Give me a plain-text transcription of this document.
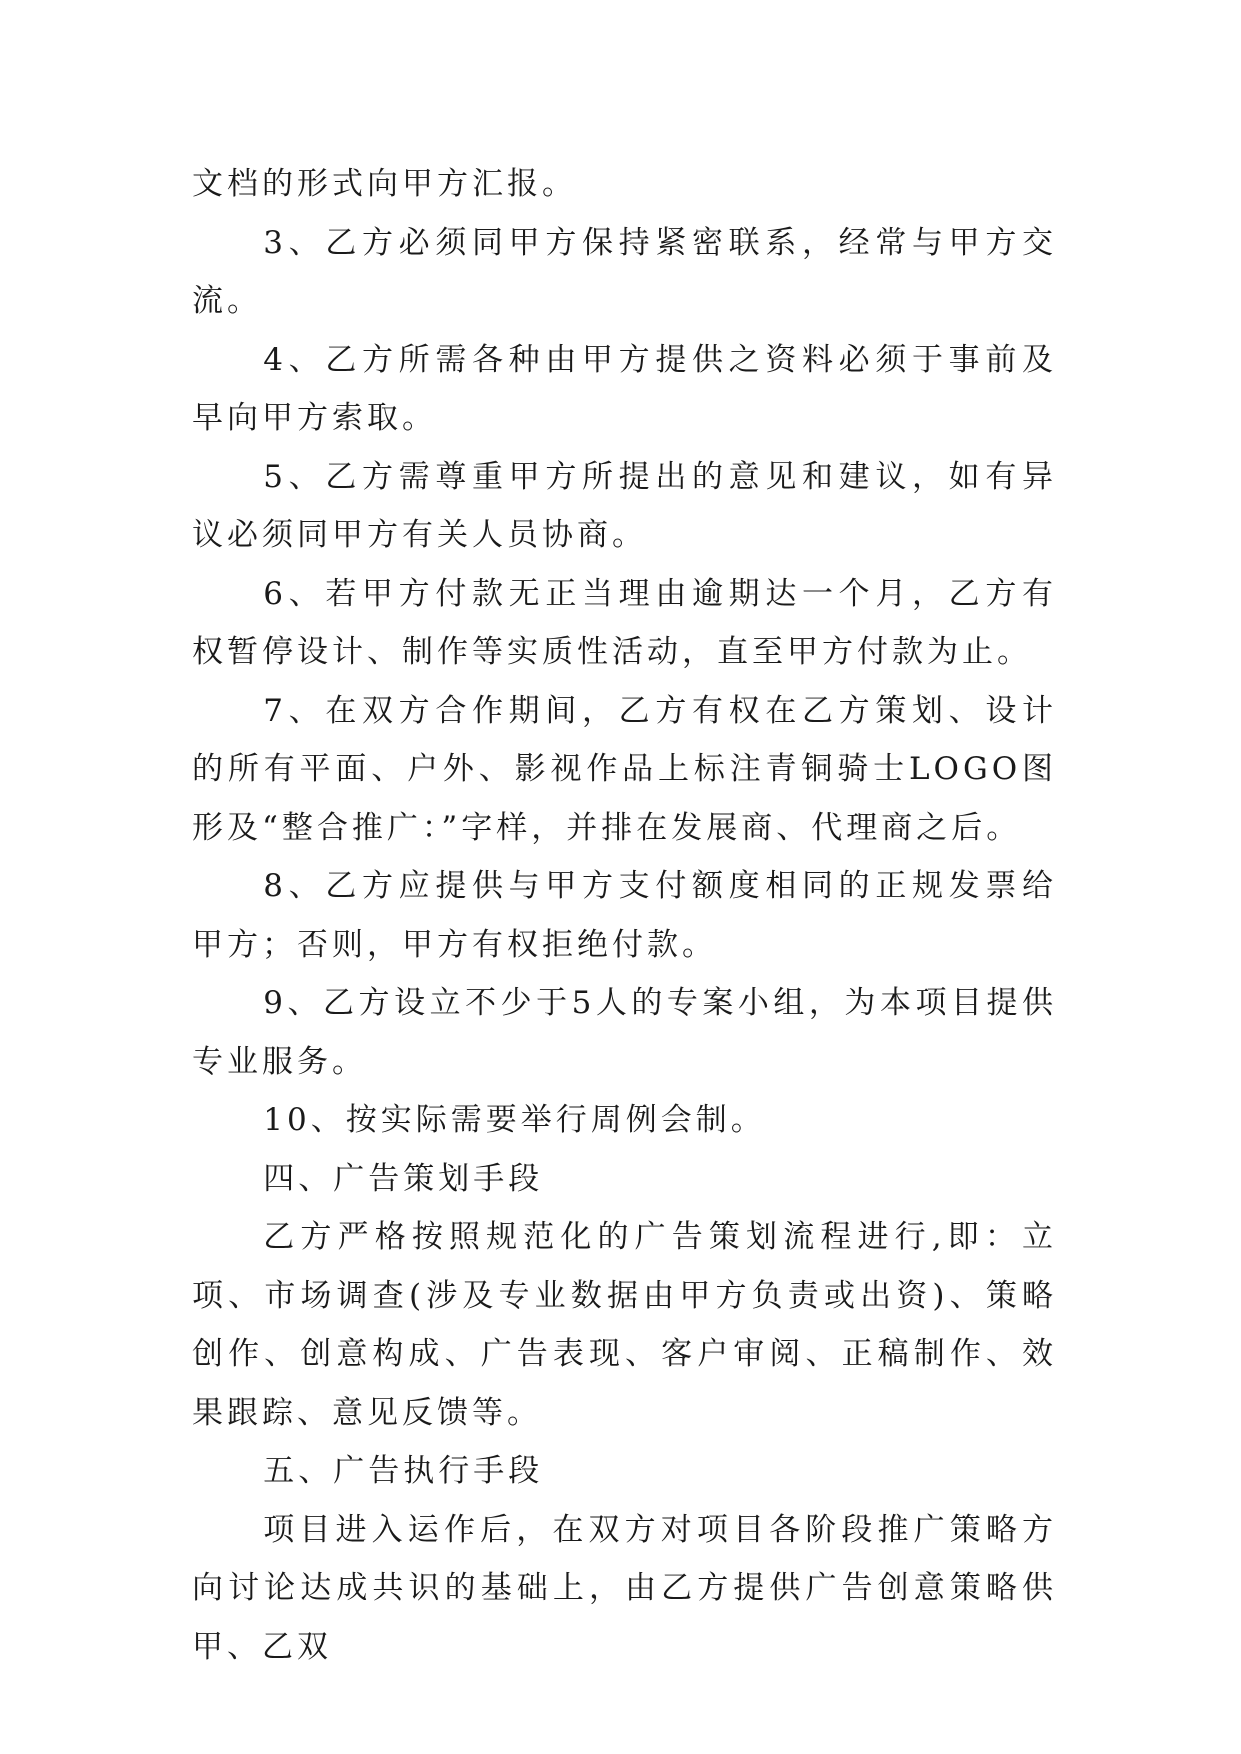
文档的形式向甲方汇报。

3、乙方必须同甲方保持紧密联系，经常与甲方交流。

4、乙方所需各种由甲方提供之资料必须于事前及早向甲方索取。

5、乙方需尊重甲方所提出的意见和建议，如有异议必须同甲方有关人员协商。

6、若甲方付款无正当理由逾期达一个月，乙方有权暂停设计、制作等实质性活动，直至甲方付款为止。

7、在双方合作期间，乙方有权在乙方策划、设计的所有平面、户外、影视作品上标注青铜骑士LOGO图形及“整合推广：”字样，并排在发展商、代理商之后。

8、乙方应提供与甲方支付额度相同的正规发票给甲方；否则，甲方有权拒绝付款。

9、乙方设立不少于5人的专案小组，为本项目提供专业服务。

10、按实际需要举行周例会制。

四、广告策划手段

乙方严格按照规范化的广告策划流程进行,即：立项、市场调查(涉及专业数据由甲方负责或出资)、策略创作、创意构成、广告表现、客户审阅、正稿制作、效果跟踪、意见反馈等。

五、广告执行手段

项目进入运作后，在双方对项目各阶段推广策略方向讨论达成共识的基础上，由乙方提供广告创意策略供甲、乙双
